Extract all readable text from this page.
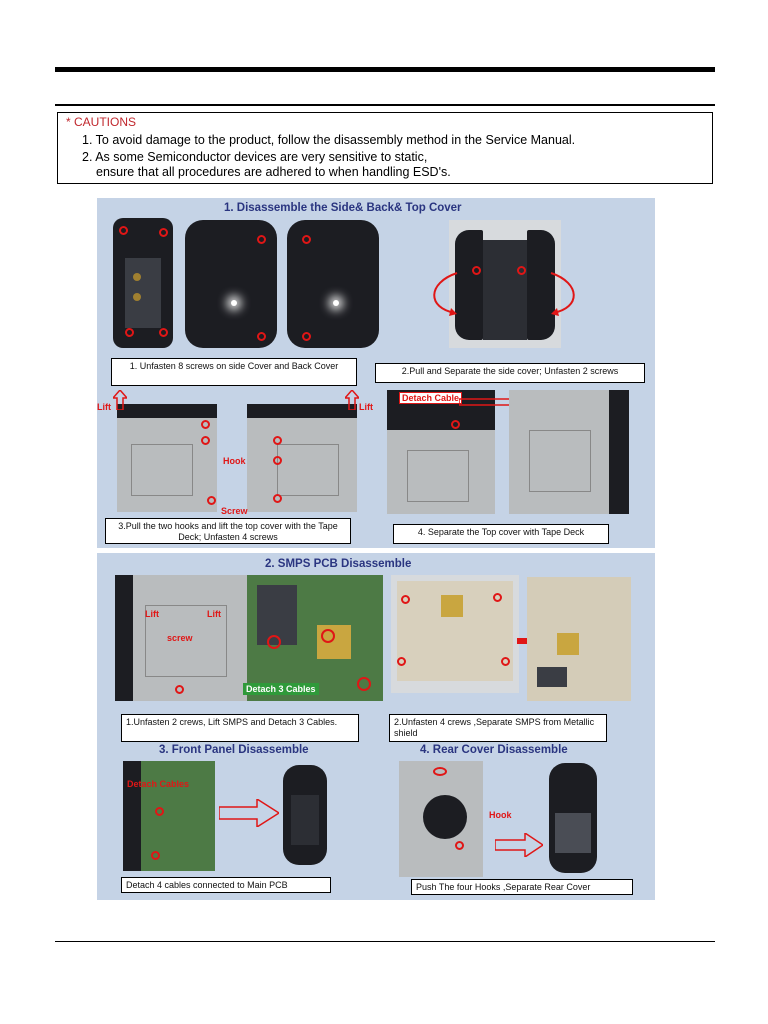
* CAUTIONS
1. To avoid damage to the product, follow the disassembly method in the Service Manual.
2. As some Semiconductor devices are very sensitive to static,
ensure that all procedures are adhered to when handling ESD's.
1. Disassemble the Side& Back& Top Cover
1. Unfasten 8 screws on side Cover and Back Cover	2.Pull and Separate the side cover; Unfasten 2 screws
Lift
Hook
Lift
Screw
Detach Cable
3.Pull the two hooks and lift the top cover with the Tape Deck; Unfasten 4 screws	4. Separate the Top cover with Tape Deck
2. SMPS PCB Disassemble
Lift	Lift
screw
Detach 3 Cables
1.Unfasten 2 crews, Lift SMPS and Detach 3 Cables.	2.Unfasten 4 crews ,Separate SMPS from Metallic shield
3. Front Panel Disassemble	4. Rear Cover Disassemble
Detach Cables
Hook
Detach 4 cables connected to Main PCB	Push The four Hooks ,Separate Rear Cover
